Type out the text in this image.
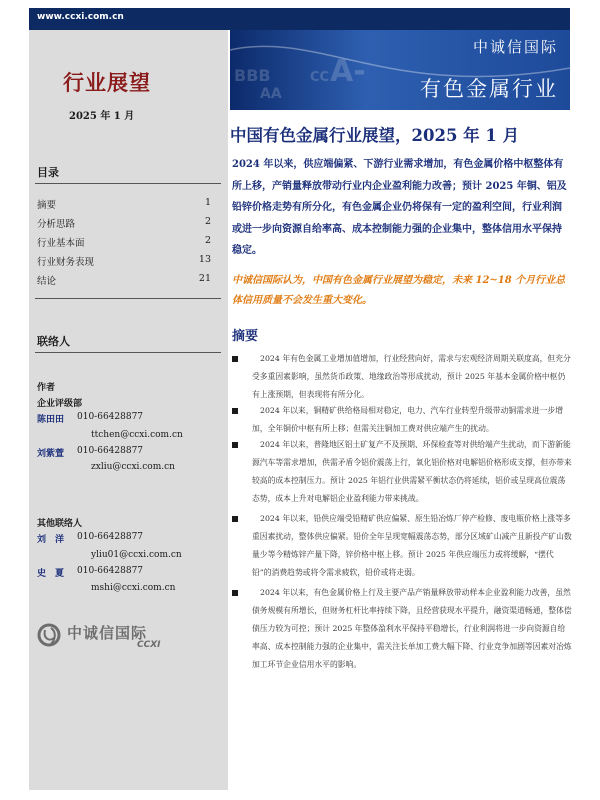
www.ccxi.com.cn
行业展望
2025 年 1 月
目录
摘要	1
分析思路	2
行业基本面	2
行业财务表现	13
结论	21
联络人
作者
企业评级部
陈田田 010-66428877
ttchen@ccxi.com.cn
刘紫萱 010-66428877
zxliu@ccxi.com.cn
其他联络人
刘　洋 010-66428877
yliu01@ccxi.com.cn
史　夏 010-66428877
mshi@ccxi.com.cn
中诚信国际
CCXI
BBB
AA
CC A-
中诚信国际
有色金属行业
中国有色金属行业展望，2025 年 1 月
2024 年以来，供应端偏紧、下游行业需求增加，有色金属价格中枢整体有所上移，产销量释放带动行业内企业盈利能力改善；预计 2025 年铜、铝及铅锌价格走势有所分化，有色金属企业仍将保有一定的盈利空间，行业利润或进一步向资源自给率高、成本控制能力强的企业集中，整体信用水平保持稳定。
中诚信国际认为，中国有色金属行业展望为稳定，未来 12~18 个月行业总体信用质量不会发生重大变化。
摘要
2024 年有色金属工业增加值增加，行业经营向好，需求与宏观经济周期关联度高，但充分受多重因素影响，虽然货币政策、地缘政治等形成扰动，预计 2025 年基本金属价格中枢仍有上涨预期，但表现将有所分化。
2024 年以来，铜精矿供给格局相对稳定，电力、汽车行业转型升级带动铜需求进一步增加，全年铜价中枢有所上移；但需关注铜加工费对供应端产生的扰动。
2024 年以来，普隆地区铝土矿复产不及预期、环保检查等对供给端产生扰动，而下游新能源汽车等需求增加，供需矛盾令铝价震荡上行，氧化铝价格对电解铝价格形成支撑，但亦带来较高的成本控制压力。预计 2025 年铝行业供需紧平衡状态仍将延续，铝价或呈现高位震荡态势，成本上升对电解铝企业盈利能力带来挑战。
2024 年以来，铅供应端受铅精矿供应偏紧、原生铅冶炼厂停产检修、废电瓶价格上涨等多重因素扰动，整体供应偏紧。铅价全年呈现宽幅震荡态势，部分区域矿山减产且新投产矿山数量少等今精炼锌产量下降，锌价格中枢上移。预计 2025 年供应端压力或将缓解，“摆代铅”的消费趋势或将令需求疲软，铅价或将走弱。
2024 年以来，有色金属价格上行及主要产品产销量释放带动样本企业盈利能力改善，虽然债务规模有所增长，但财务杠杆比率持续下降，且经营获现水平提升，融资渠道畅通，整体偿债压力较为可控；预计 2025 年整体盈利水平保持平稳增长，行业利润将进一步向资源自给率高、成本控制能力强的企业集中，需关注长单加工费大幅下降、行业竞争加剧等因素对冶炼加工环节企业信用水平的影响。
